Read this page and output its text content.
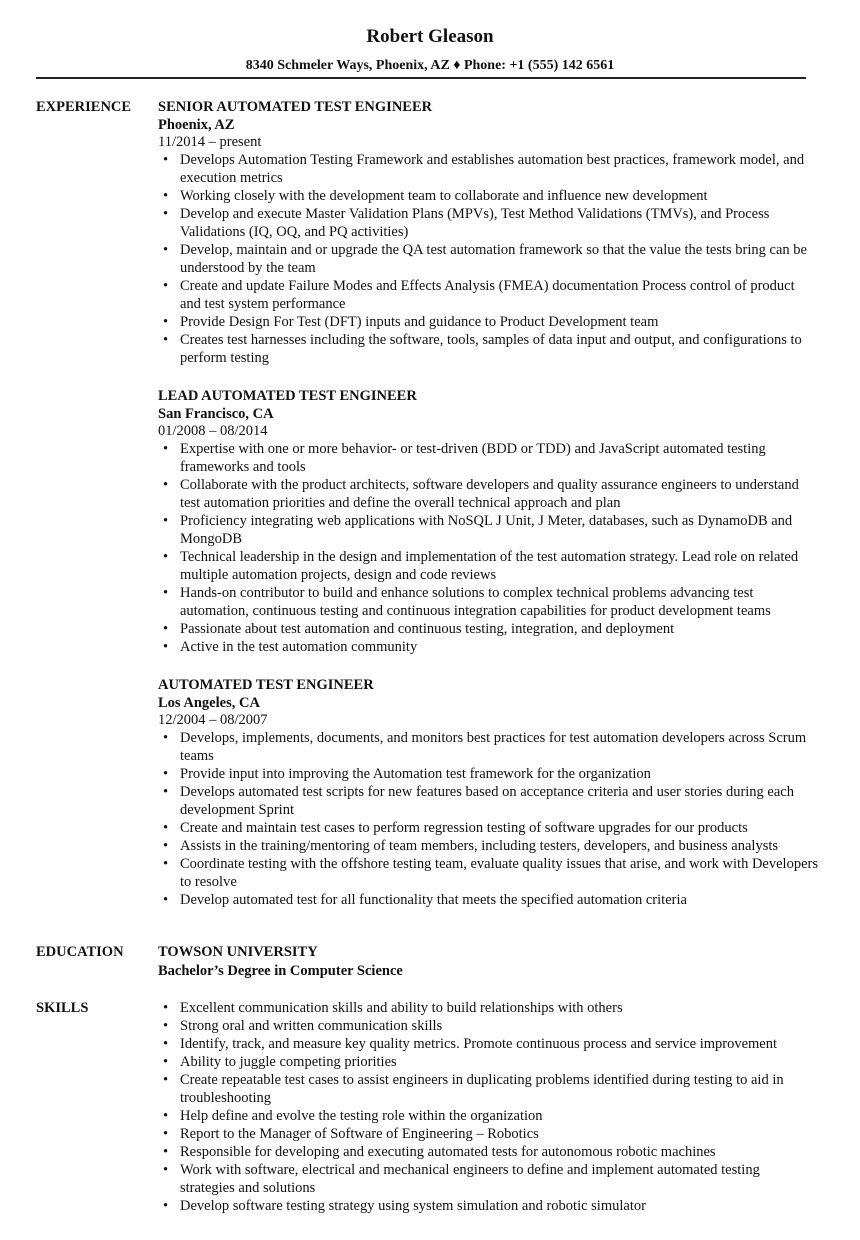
Robert Gleason
8340 Schmeler Ways, Phoenix, AZ ♦ Phone: +1 (555) 142 6561
EXPERIENCE SENIOR AUTOMATED TEST ENGINEER
Phoenix, AZ
11/2014 – present
• Develops Automation Testing Framework and establishes automation best practices, framework model, and execution metrics
• Working closely with the development team to collaborate and influence new development
• Develop and execute Master Validation Plans (MPVs), Test Method Validations (TMVs), and Process Validations (IQ, OQ, and PQ activities)
• Develop, maintain and or upgrade the QA test automation framework so that the value the tests bring can be understood by the team
• Create and update Failure Modes and Effects Analysis (FMEA) documentation Process control of product and test system performance
• Provide Design For Test (DFT) inputs and guidance to Product Development team
• Creates test harnesses including the software, tools, samples of data input and output, and configurations to perform testing
LEAD AUTOMATED TEST ENGINEER
San Francisco, CA
01/2008 – 08/2014
• Expertise with one or more behavior- or test-driven (BDD or TDD) and JavaScript automated testing frameworks and tools
• Collaborate with the product architects, software developers and quality assurance engineers to understand test automation priorities and define the overall technical approach and plan
• Proficiency integrating web applications with NoSQL J Unit, J Meter, databases, such as DynamoDB and MongoDB
• Technical leadership in the design and implementation of the test automation strategy. Lead role on related multiple automation projects, design and code reviews
• Hands-on contributor to build and enhance solutions to complex technical problems advancing test automation, continuous testing and continuous integration capabilities for product development teams
• Passionate about test automation and continuous testing, integration, and deployment
• Active in the test automation community
AUTOMATED TEST ENGINEER
Los Angeles, CA
12/2004 – 08/2007
• Develops, implements, documents, and monitors best practices for test automation developers across Scrum teams
• Provide input into improving the Automation test framework for the organization
• Develops automated test scripts for new features based on acceptance criteria and user stories during each development Sprint
• Create and maintain test cases to perform regression testing of software upgrades for our products
• Assists in the training/mentoring of team members, including testers, developers, and business analysts
• Coordinate testing with the offshore testing team, evaluate quality issues that arise, and work with Developers to resolve
• Develop automated test for all functionality that meets the specified automation criteria
EDUCATION TOWSON UNIVERSITY
Bachelor’s Degree in Computer Science
SKILLS	• Excellent communication skills and ability to build relationships with others
• Strong oral and written communication skills
• Identify, track, and measure key quality metrics. Promote continuous process and service improvement
• Ability to juggle competing priorities
• Create repeatable test cases to assist engineers in duplicating problems identified during testing to aid in troubleshooting
• Help define and evolve the testing role within the organization
• Report to the Manager of Software of Engineering – Robotics
• Responsible for developing and executing automated tests for autonomous robotic machines
• Work with software, electrical and mechanical engineers to define and implement automated testing strategies and solutions
• Develop software testing strategy using system simulation and robotic simulator
